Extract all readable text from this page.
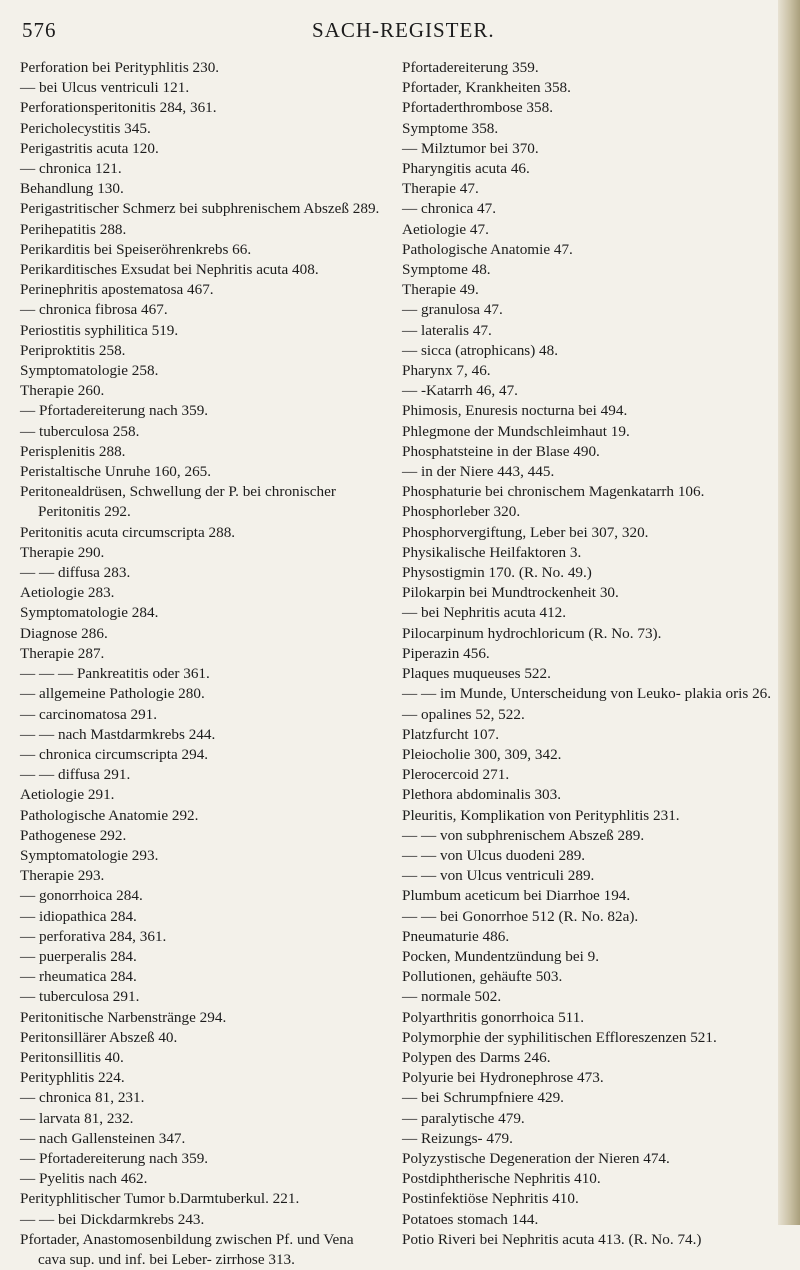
576	SACH-REGISTER.

Perforation bei Perityphlitis 230.

— bei Ulcus ventriculi 121.

Perforationsperitonitis 284, 361.

Pericholecystitis 345.

Perigastritis acuta 120.

— chronica 121.

Behandlung 130.

Perigastritischer Schmerz bei subphrenischem Abszeß 289.

Perihepatitis 288.

Perikarditis bei Speiseröhrenkrebs 66.

Perikarditisches Exsudat bei Nephritis acuta 408.

Perinephritis apostematosa 467.

— chronica fibrosa 467.

Periostitis syphilitica 519.

Periproktitis 258.

Symptomatologie 258.

Therapie 260.

— Pfortadereiterung nach 359.

— tuberculosa 258.

Perisplenitis 288.

Peristaltische Unruhe 160, 265.

Peritonealdrüsen, Schwellung der P. bei chronischer Peritonitis 292.

Peritonitis acuta circumscripta 288.

Therapie 290.

— — diffusa 283.

Aetiologie 283.

Symptomatologie 284.

Diagnose 286.

Therapie 287.

— — — Pankreatitis oder 361.

— allgemeine Pathologie 280.

— carcinomatosa 291.

— — nach Mastdarmkrebs 244.

— chronica circumscripta 294.

— — diffusa 291.

Aetiologie 291.

Pathologische Anatomie 292.

Pathogenese 292.

Symptomatologie 293.

Therapie 293.

— gonorrhoica 284.

— idiopathica 284.

— perforativa 284, 361.

— puerperalis 284.

— rheumatica 284.

— tuberculosa 291.

Peritonitische Narbenstränge 294.

Peritonsillärer Abszeß 40.

Peritonsillitis 40.

Perityphlitis 224.

— chronica 81, 231.

— larvata 81, 232.

— nach Gallensteinen 347.

— Pfortadereiterung nach 359.

— Pyelitis nach 462.

Perityphlitischer Tumor b.Darmtuberkul. 221.

— — bei Dickdarmkrebs 243.

Pfortader, Anastomosenbildung zwischen Pf. und Vena cava sup. und inf. bei Leber- zirrhose 313.

Pfortadereiterung 359.

Pfortader, Krankheiten 358.

Pfortaderthrombose 358.

Symptome 358.

— Milztumor bei 370.

Pharyngitis acuta 46.

Therapie 47.

— chronica 47.

Aetiologie 47.

Pathologische Anatomie 47.

Symptome 48.

Therapie 49.

— granulosa 47.

— lateralis 47.

— sicca (atrophicans) 48.

Pharynx 7, 46.

— -Katarrh 46, 47.

Phimosis, Enuresis nocturna bei 494.

Phlegmone der Mundschleimhaut 19.

Phosphatsteine in der Blase 490.

— in der Niere 443, 445.

Phosphaturie bei chronischem Magenkatarrh 106.

Phosphorleber 320.

Phosphorvergiftung, Leber bei 307, 320.

Physikalische Heilfaktoren 3.

Physostigmin 170. (R. No. 49.)

Pilokarpin bei Mundtrockenheit 30.

— bei Nephritis acuta 412.

Pilocarpinum hydrochloricum (R. No. 73).

Piperazin 456.

Plaques muqueuses 522.

— — im Munde, Unterscheidung von Leuko- plakia oris 26.

— opalines 52, 522.

Platzfurcht 107.

Pleiocholie 300, 309, 342.

Plerocercoid 271.

Plethora abdominalis 303.

Pleuritis, Komplikation von Perityphlitis 231.

— — von subphrenischem Abszeß 289.

— — von Ulcus duodeni 289.

— — von Ulcus ventriculi 289.

Plumbum aceticum bei Diarrhoe 194.

— — bei Gonorrhoe 512 (R. No. 82a).

Pneumaturie 486.

Pocken, Mundentzündung bei 9.

Pollutionen, gehäufte 503.

— normale 502.

Polyarthritis gonorrhoica 511.

Polymorphie der syphilitischen Effloreszenzen 521.

Polypen des Darms 246.

Polyurie bei Hydronephrose 473.

— bei Schrumpfniere 429.

— paralytische 479.

— Reizungs- 479.

Polyzystische Degeneration der Nieren 474.

Postdiphtherische Nephritis 410.

Postinfektiöse Nephritis 410.

Potatoes stomach 144.

Potio Riveri bei Nephritis acuta 413. (R. No. 74.)
